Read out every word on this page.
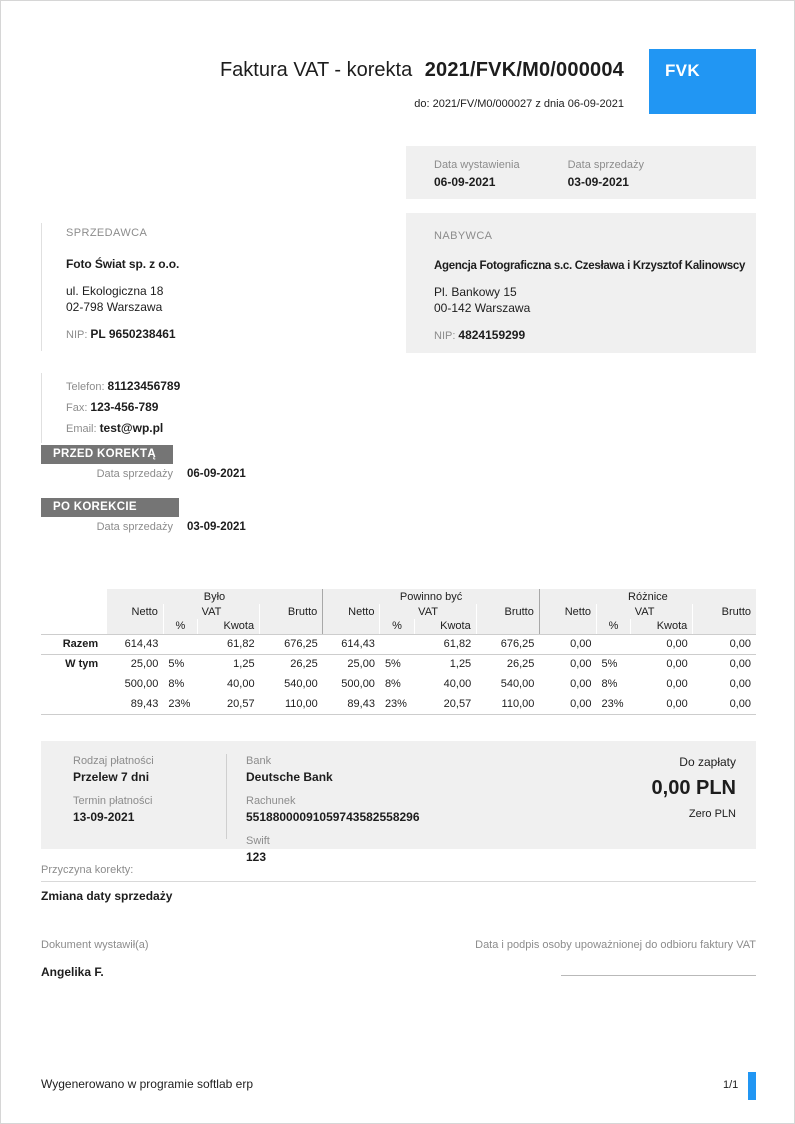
Faktura VAT - korekta 2021/FVK/M0/000004
do: 2021/FV/M0/000027 z dnia 06-09-2021
FVK
Data wystawienia
06-09-2021
Data sprzedaży
03-09-2021
SPRZEDAWCA
Foto Świat sp. z o.o.
ul. Ekologiczna 18
02-798 Warszawa
NIP: PL 9650238461
NABYWCA
Agencja Fotograficzna s.c. Czesława i Krzysztof Kalinowscy
Pl. Bankowy 15
00-142 Warszawa
NIP: 4824159299
Telefon: 81123456789
Fax: 123-456-789
Email: test@wp.pl
PRZED KOREKTĄ
Data sprzedaży 06-09-2021
PO KOREKCIE
Data sprzedaży 03-09-2021
	Było				Powinno być				Różnice			
	Netto	VAT		Brutto	Netto	VAT		Brutto	Netto	VAT		Brutto
		%	Kwota			%	Kwota			%	Kwota	
Razem	614,43		61,82	676,25	614,43		61,82	676,25	0,00		0,00	0,00
W tym	25,00	5%	1,25	26,25	25,00	5%	1,25	26,25	0,00	5%	0,00	0,00
	500,00	8%	40,00	540,00	500,00	8%	40,00	540,00	0,00	8%	0,00	0,00
	89,43	23%	20,57	110,00	89,43	23%	20,57	110,00	0,00	23%	0,00	0,00
Rodzaj płatności
Przelew 7 dni
Termin płatności
13-09-2021
Bank
Deutsche Bank
Rachunek
55188000091059743582558296
Swift
123
Do zapłaty
0,00 PLN
Zero PLN
Przyczyna korekty:
Zmiana daty sprzedaży
Dokument wystawił(a)
Angelika F.
Data i podpis osoby upoważnionej do odbioru faktury VAT
Wygenerowano w programie softlab erp	1/1
